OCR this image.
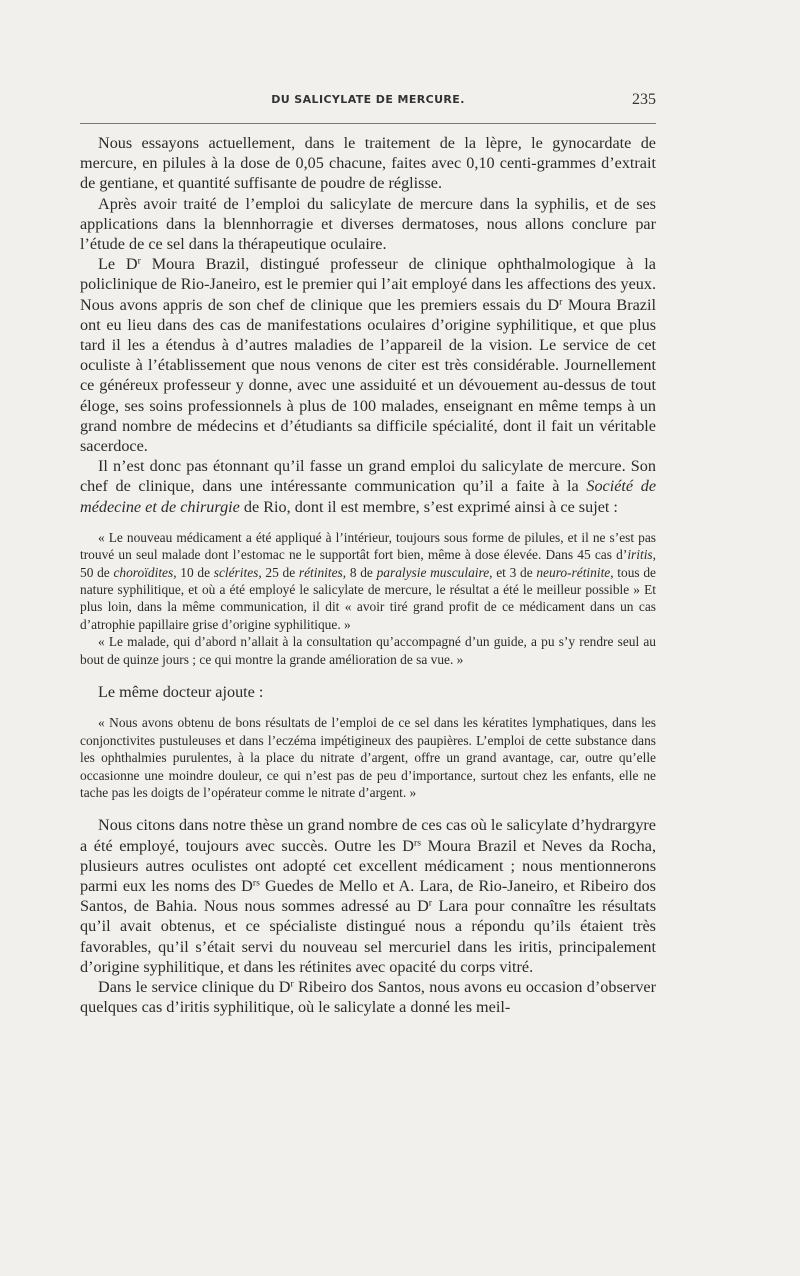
DU SALICYLATE DE MERCURE.	235

Nous essayons actuellement, dans le traitement de la lèpre, le gynocardate de mercure, en pilules à la dose de 0,05 chacune, faites avec 0,10 centi-grammes d’extrait de gentiane, et quantité suffisante de poudre de réglisse.

Après avoir traité de l’emploi du salicylate de mercure dans la syphilis, et de ses applications dans la blennhorragie et diverses dermatoses, nous allons conclure par l’étude de ce sel dans la thérapeutique oculaire.

Le $D^r$ Moura Brazil, distingué professeur de clinique ophthalmologique à la policlinique de Rio-Janeiro, est le premier qui l’ait employé dans les affections des yeux. Nous avons appris de son chef de clinique que les premiers essais du $D^r$ Moura Brazil ont eu lieu dans des cas de manifestations oculaires d’origine syphilitique, et que plus tard il les a étendus à d’autres maladies de l’appareil de la vision. Le service de cet oculiste à l’établissement que nous venons de citer est très considérable. Journellement ce généreux professeur y donne, avec une assiduité et un dévouement au-dessus de tout éloge, ses soins professionnels à plus de 100 malades, enseignant en même temps à un grand nombre de médecins et d’étudiants sa difficile spécialité, dont il fait un véritable sacerdoce.

Il n’est donc pas étonnant qu’il fasse un grand emploi du salicylate de mercure. Son chef de clinique, dans une intéressante communication qu’il a faite à la Société de médecine et de chirurgie de Rio, dont il est membre, s’est exprimé ainsi à ce sujet :

« Le nouveau médicament a été appliqué à l’intérieur, toujours sous forme de pilules, et il ne s’est pas trouvé un seul malade dont l’estomac ne le supportât fort bien, même à dose élevée. Dans 45 cas d’iritis, 50 de choroïdites, 10 de sclérites, 25 de rétinites, 8 de paralysie musculaire, et 3 de neuro-rétinite, tous de nature syphilitique, et où a été employé le salicylate de mercure, le résultat a été le meilleur possible » Et plus loin, dans la même communication, il dit « avoir tiré grand profit de ce médicament dans un cas d’atrophie papillaire grise d’origine syphilitique. »

« Le malade, qui d’abord n’allait à la consultation qu’accompagné d’un guide, a pu s’y rendre seul au bout de quinze jours ; ce qui montre la grande amélioration de sa vue. »

Le même docteur ajoute :

« Nous avons obtenu de bons résultats de l’emploi de ce sel dans les kératites lymphatiques, dans les conjonctivites pustuleuses et dans l’eczéma impétigineux des paupières. L’emploi de cette substance dans les ophthalmies purulentes, à la place du nitrate d’argent, offre un grand avantage, car, outre qu’elle occasionne une moindre douleur, ce qui n’est pas de peu d’importance, surtout chez les enfants, elle ne tache pas les doigts de l’opérateur comme le nitrate d’argent. »

Nous citons dans notre thèse un grand nombre de ces cas où le salicylate d’hydrargyre a été employé, toujours avec succès. Outre les $D^{rs}$ Moura Brazil et Neves da Rocha, plusieurs autres oculistes ont adopté cet excellent médicament ; nous mentionnerons parmi eux les noms des $D^{rs}$ Guedes de Mello et A. Lara, de Rio-Janeiro, et Ribeiro dos Santos, de Bahia. Nous nous sommes adressé au $D^r$ Lara pour connaître les résultats qu’il avait obtenus, et ce spécialiste distingué nous a répondu qu’ils étaient très favorables, qu’il s’était servi du nouveau sel mercuriel dans les iritis, principalement d’origine syphilitique, et dans les rétinites avec opacité du corps vitré.

Dans le service clinique du $D^r$ Ribeiro dos Santos, nous avons eu occasion d’observer quelques cas d’iritis syphilitique, où le salicylate a donné les meil-
